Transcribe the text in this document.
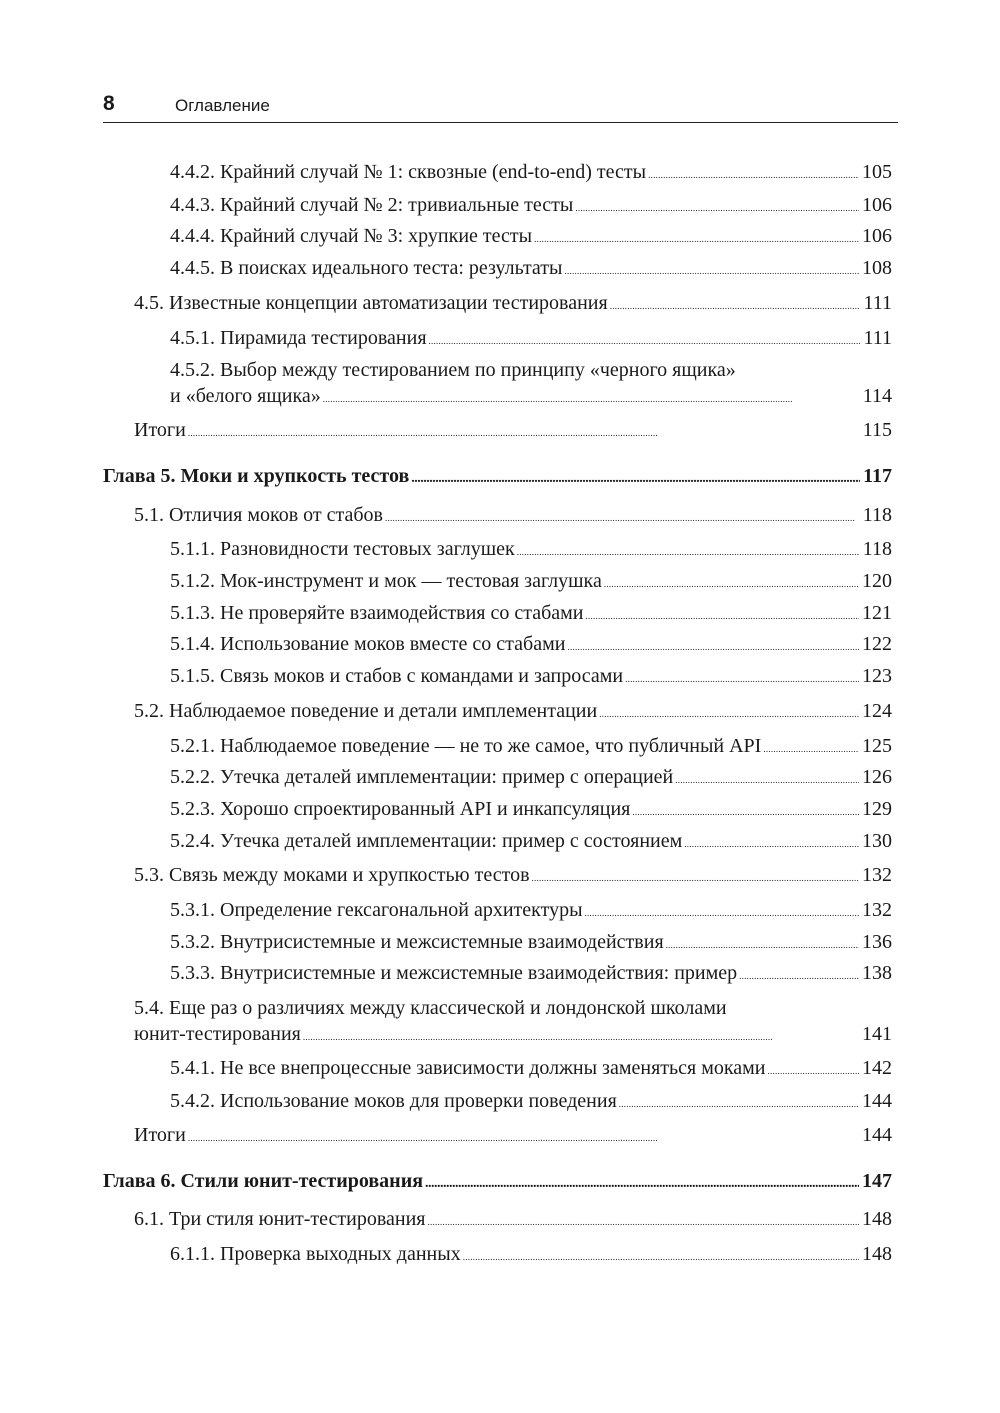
8	Оглавление
4.4.2. Крайний случай № 1: сквозные (end-to-end) тесты . . .	105
4.4.3. Крайний случай № 2: тривиальные тесты . . .	106
4.4.4. Крайний случай № 3: хрупкие тесты . . .	106
4.4.5. В поисках идеального теста: результаты . . .	108
4.5. Известные концепции автоматизации тестирования . . .	111
4.5.1. Пирамида тестирования . . .	111
4.5.2. Выбор между тестированием по принципу «черного ящика»
и «белого ящика» . . .	114
Итоги . . .	115
Глава 5. Моки и хрупкость тестов . . .	117
5.1. Отличия моков от стабов . . .	118
5.1.1. Разновидности тестовых заглушек . . .	118
5.1.2. Мок-инструмент и мок — тестовая заглушка . . .	120
5.1.3. Не проверяйте взаимодействия со стабами . . .	121
5.1.4. Использование моков вместе со стабами . . .	122
5.1.5. Связь моков и стабов с командами и запросами . . .	123
5.2. Наблюдаемое поведение и детали имплементации . . .	124
5.2.1. Наблюдаемое поведение — не то же самое, что публичный API . . .	125
5.2.2. Утечка деталей имплементации: пример с операцией . . .	126
5.2.3. Хорошо спроектированный API и инкапсуляция . . .	129
5.2.4. Утечка деталей имплементации: пример с состоянием . . .	130
5.3. Связь между моками и хрупкостью тестов . . .	132
5.3.1. Определение гексагональной архитектуры . . .	132
5.3.2. Внутрисистемные и межсистемные взаимодействия . . .	136
5.3.3. Внутрисистемные и межсистемные взаимодействия: пример . . .	138
5.4. Еще раз о различиях между классической и лондонской школами
юнит-тестирования . . .	141
5.4.1. Не все внепроцессные зависимости должны заменяться моками . . .	142
5.4.2. Использование моков для проверки поведения . . .	144
Итоги . . .	144
Глава 6. Стили юнит-тестирования . . .	147
6.1. Три стиля юнит-тестирования . . .	148
6.1.1. Проверка выходных данных . . .	148
